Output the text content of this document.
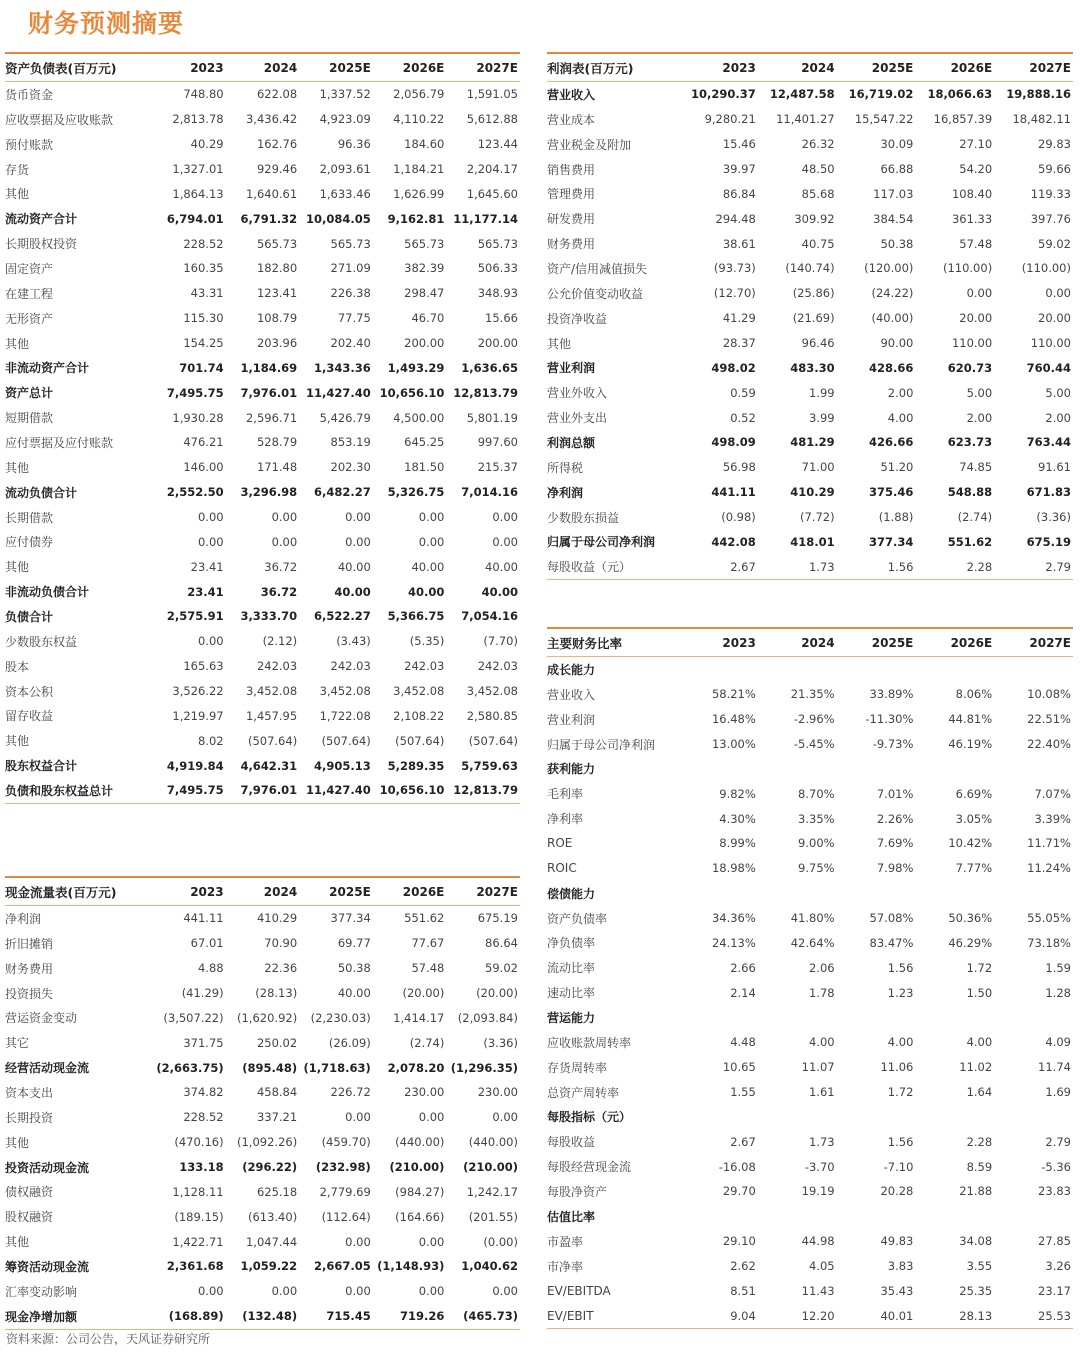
财务预测摘要
资产负债表(百万元)	2023	2024	2025E	2026E	2027E
货币资金	748.80	622.08	1,337.52	2,056.79	1,591.05
应收票据及应收账款	2,813.78	3,436.42	4,923.09	4,110.22	5,612.88
预付账款	40.29	162.76	96.36	184.60	123.44
存货	1,327.01	929.46	2,093.61	1,184.21	2,204.17
其他	1,864.13	1,640.61	1,633.46	1,626.99	1,645.60
流动资产合计	6,794.01	6,791.32 10,084.05	9,162.81 11,177.14
长期股权投资	228.52	565.73	565.73	565.73	565.73
固定资产	160.35	182.80	271.09	382.39	506.33
在建工程	43.31	123.41	226.38	298.47	348.93
无形资产	115.30	108.79	77.75	46.70	15.66
其他	154.25	203.96	202.40	200.00	200.00
非流动资产合计	701.74	1,184.69	1,343.36	1,493.29	1,636.65
资产总计	7,495.75	7,976.01 11,427.40 10,656.10 12,813.79
短期借款	1,930.28	2,596.71	5,426.79	4,500.00	5,801.19
应付票据及应付账款	476.21	528.79	853.19	645.25	997.60
其他	146.00	171.48	202.30	181.50	215.37
流动负债合计	2,552.50	3,296.98	6,482.27	5,326.75	7,014.16
长期借款	0.00	0.00	0.00	0.00	0.00
应付债券	0.00	0.00	0.00	0.00	0.00
其他	23.41	36.72	40.00	40.00	40.00
非流动负债合计	23.41	36.72	40.00	40.00	40.00
负债合计	2,575.91	3,333.70	6,522.27	5,366.75	7,054.16
少数股东权益	0.00	(2.12)	(3.43)	(5.35)	(7.70)
股本	165.63	242.03	242.03	242.03	242.03
资本公积	3,526.22	3,452.08	3,452.08	3,452.08	3,452.08
留存收益	1,219.97	1,457.95	1,722.08	2,108.22	2,580.85
其他	8.02	(507.64)	(507.64)	(507.64)	(507.64)
股东权益合计	4,919.84	4,642.31	4,905.13	5,289.35	5,759.63
负债和股东权益总计	7,495.75	7,976.01 11,427.40 10,656.10 12,813.79
利润表(百万元)	2023	2024	2025E	2026E	2027E
营业收入	10,290.37	12,487.58	16,719.02	18,066.63	19,888.16
营业成本	9,280.21	11,401.27	15,547.22	16,857.39	18,482.11
营业税金及附加	15.46	26.32	30.09	27.10	29.83
销售费用	39.97	48.50	66.88	54.20	59.66
管理费用	86.84	85.68	117.03	108.40	119.33
研发费用	294.48	309.92	384.54	361.33	397.76
财务费用	38.61	40.75	50.38	57.48	59.02
资产/信用减值损失	(93.73)	(140.74)	(120.00)	(110.00)	(110.00)
公允价值变动收益	(12.70)	(25.86)	(24.22)	0.00	0.00
投资净收益	41.29	(21.69)	(40.00)	20.00	20.00
其他	28.37	96.46	90.00	110.00	110.00
营业利润	498.02	483.30	428.66	620.73	760.44
营业外收入	0.59	1.99	2.00	5.00	5.00
营业外支出	0.52	3.99	4.00	2.00	2.00
利润总额	498.09	481.29	426.66	623.73	763.44
所得税	56.98	71.00	51.20	74.85	91.61
净利润	441.11	410.29	375.46	548.88	671.83
少数股东损益	(0.98)	(7.72)	(1.88)	(2.74)	(3.36)
归属于母公司净利润	442.08	418.01	377.34	551.62	675.19
每股收益（元）	2.67	1.73	1.56	2.28	2.79
主要财务比率	2023	2024	2025E	2026E	2027E
成长能力
营业收入	58.21%	21.35%	33.89%	8.06%	10.08%
营业利润	16.48%	-2.96%	-11.30%	44.81%	22.51%
归属于母公司净利润	13.00%	-5.45%	-9.73%	46.19%	22.40%
获利能力
毛利率	9.82%	8.70%	7.01%	6.69%	7.07%
净利率	4.30%	3.35%	2.26%	3.05%	3.39%
ROE	8.99%	9.00%	7.69%	10.42%	11.71%
ROIC	18.98%	9.75%	7.98%	7.77%	11.24%
偿债能力
资产负债率	34.36%	41.80%	57.08%	50.36%	55.05%
净负债率	24.13%	42.64%	83.47%	46.29%	73.18%
流动比率	2.66	2.06	1.56	1.72	1.59
速动比率	2.14	1.78	1.23	1.50	1.28
营运能力
应收账款周转率	4.48	4.00	4.00	4.00	4.09
存货周转率	10.65	11.07	11.06	11.02	11.74
总资产周转率	1.55	1.61	1.72	1.64	1.69
每股指标（元）
每股收益	2.67	1.73	1.56	2.28	2.79
每股经营现金流	-16.08	-3.70	-7.10	8.59	-5.36
每股净资产	29.70	19.19	20.28	21.88	23.83
估值比率
市盈率	29.10	44.98	49.83	34.08	27.85
市净率	2.62	4.05	3.83	3.55	3.26
EV/EBITDA	8.51	11.43	35.43	25.35	23.17
EV/EBIT	9.04	12.20	40.01	28.13	25.53
现金流量表(百万元)	2023	2024	2025E	2026E	2027E
净利润	441.11	410.29	377.34	551.62	675.19
折旧摊销	67.01	70.90	69.77	77.67	86.64
财务费用	4.88	22.36	50.38	57.48	59.02
投资损失	(41.29)	(28.13)	40.00	(20.00)	(20.00)
营运资金变动	(3,507.22)	(1,620.92)	(2,230.03)	1,414.17	(2,093.84)
其它	371.75	250.02	(26.09)	(2.74)	(3.36)
经营活动现金流	(2,663.75)	(895.48) (1,718.63)	2,078.20 (1,296.35)
资本支出	374.82	458.84	226.72	230.00	230.00
长期投资	228.52	337.21	0.00	0.00	0.00
其他	(470.16)	(1,092.26)	(459.70)	(440.00)	(440.00)
投资活动现金流	133.18	(296.22)	(232.98)	(210.00)	(210.00)
债权融资	1,128.11	625.18	2,779.69	(984.27)	1,242.17
股权融资	(189.15)	(613.40)	(112.64)	(164.66)	(201.55)
其他	1,422.71	1,047.44	0.00	0.00	(0.00)
筹资活动现金流	2,361.68	1,059.22	2,667.05 (1,148.93)	1,040.62
汇率变动影响	0.00	0.00	0.00	0.00	0.00
现金净增加额	(168.89)	(132.48)	715.45	719.26	(465.73)
资料来源：公司公告，天风证券研究所
